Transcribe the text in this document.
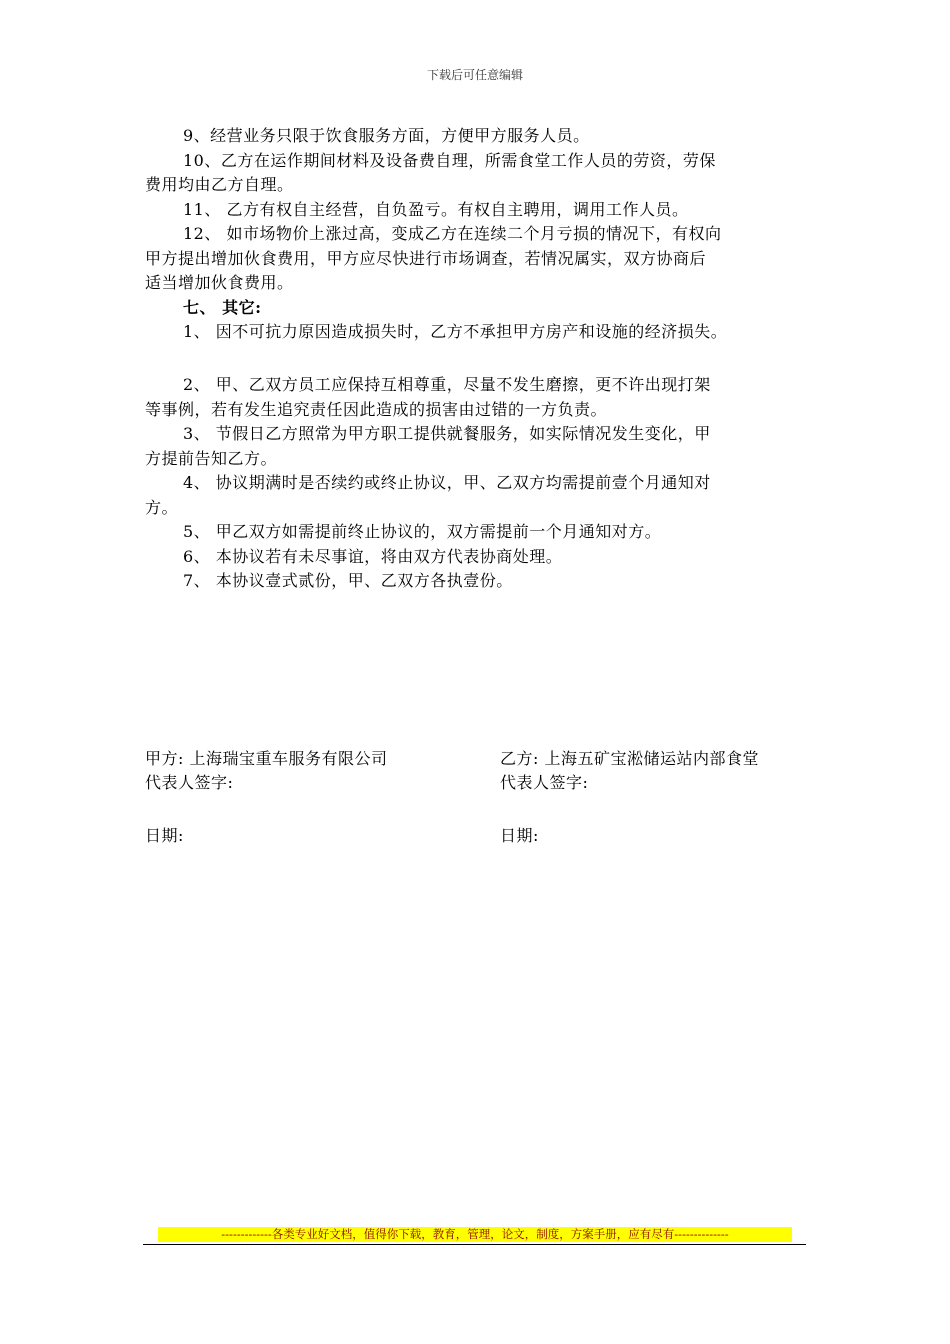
下载后可任意编辑

9、经营业务只限于饮食服务方面，方便甲方服务人员。

10、乙方在运作期间材料及设备费自理，所需食堂工作人员的劳资，劳保

费用均由乙方自理。

11、 乙方有权自主经营，自负盈亏。有权自主聘用，调用工作人员。

12、 如市场物价上涨过高，变成乙方在连续二个月亏损的情况下，有权向

甲方提出增加伙食费用，甲方应尽快进行市场调查，若情况属实，双方协商后

适当增加伙食费用。

七、 其它:

1、 因不可抗力原因造成损失时，乙方不承担甲方房产和设施的经济损失。

2、 甲、乙双方员工应保持互相尊重，尽量不发生磨擦，更不许出现打架

等事例，若有发生追究责任因此造成的损害由过错的一方负责。

3、 节假日乙方照常为甲方职工提供就餐服务，如实际情况发生变化，甲

方提前告知乙方。

4、 协议期满时是否续约或终止协议，甲、乙双方均需提前壹个月通知对

方。

5、 甲乙双方如需提前终止协议的，双方需提前一个月通知对方。

6、 本协议若有未尽事谊，将由双方代表协商处理。

7、 本协议壹式贰份，甲、乙双方各执壹份。

甲方: 上海瑞宝重车服务有限公司

代表人签字:

日期:

乙方: 上海五矿宝淞储运站内部食堂

代表人签字:

日期:

-------------各类专业好文档，值得你下载，教育，管理，论文，制度，方案手册，应有尽有--------------
